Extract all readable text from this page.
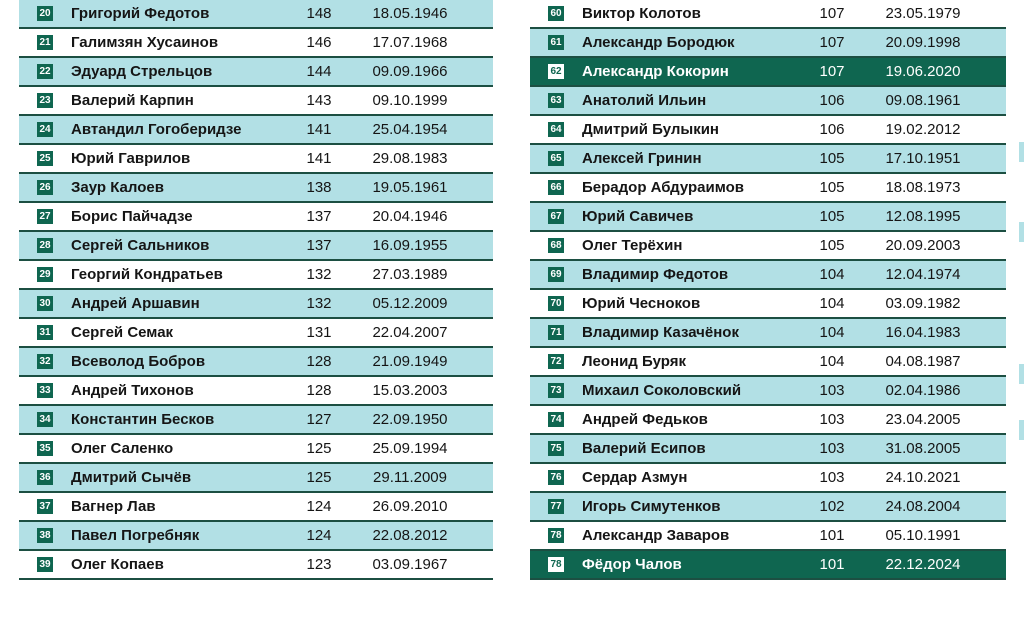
20 Григорий Федотов	148	18.05.1946
21 Галимзян Хусаинов	146	17.07.1968
22 Эдуард Стрельцов	144	09.09.1966
23 Валерий Карпин	143	09.10.1999
24 Автандил Гогоберидзе	141	25.04.1954
25 Юрий Гаврилов	141	29.08.1983
26 Заур Калоев	138	19.05.1961
27 Борис Пайчадзе	137	20.04.1946
28 Сергей Сальников	137	16.09.1955
29 Георгий Кондратьев	132	27.03.1989
30 Андрей Аршавин	132	05.12.2009
31 Сергей Семак	131	22.04.2007
32 Всеволод Бобров	128	21.09.1949
33 Андрей Тихонов	128	15.03.2003
34 Константин Бесков	127	22.09.1950
35 Олег Саленко	125	25.09.1994
36 Дмитрий Сычёв	125	29.11.2009
37 Вагнер Лав	124	26.09.2010
38 Павел Погребняк	124	22.08.2012
39 Олег Копаев	123	03.09.1967
60 Виктор Колотов	107	23.05.1979
61 Александр Бородюк	107	20.09.1998
62 Александр Кокорин	107	19.06.2020
63 Анатолий Ильин	106	09.08.1961
64 Дмитрий Булыкин	106	19.02.2012
65 Алексей Гринин	105	17.10.1951
66 Берадор Абдураимов	105	18.08.1973
67 Юрий Савичев	105	12.08.1995
68 Олег Терёхин	105	20.09.2003
69 Владимир Федотов	104	12.04.1974
70 Юрий Чесноков	104	03.09.1982
71 Владимир Казачёнок	104	16.04.1983
72 Леонид Буряк	104	04.08.1987
73 Михаил Соколовский	103	02.04.1986
74 Андрей Федьков	103	23.04.2005
75 Валерий Есипов	103	31.08.2005
76 Сердар Азмун	103	24.10.2021
77 Игорь Симутенков	102	24.08.2004
78 Александр Заваров	101	05.10.1991
78 Фёдор Чалов	101	22.12.2024
